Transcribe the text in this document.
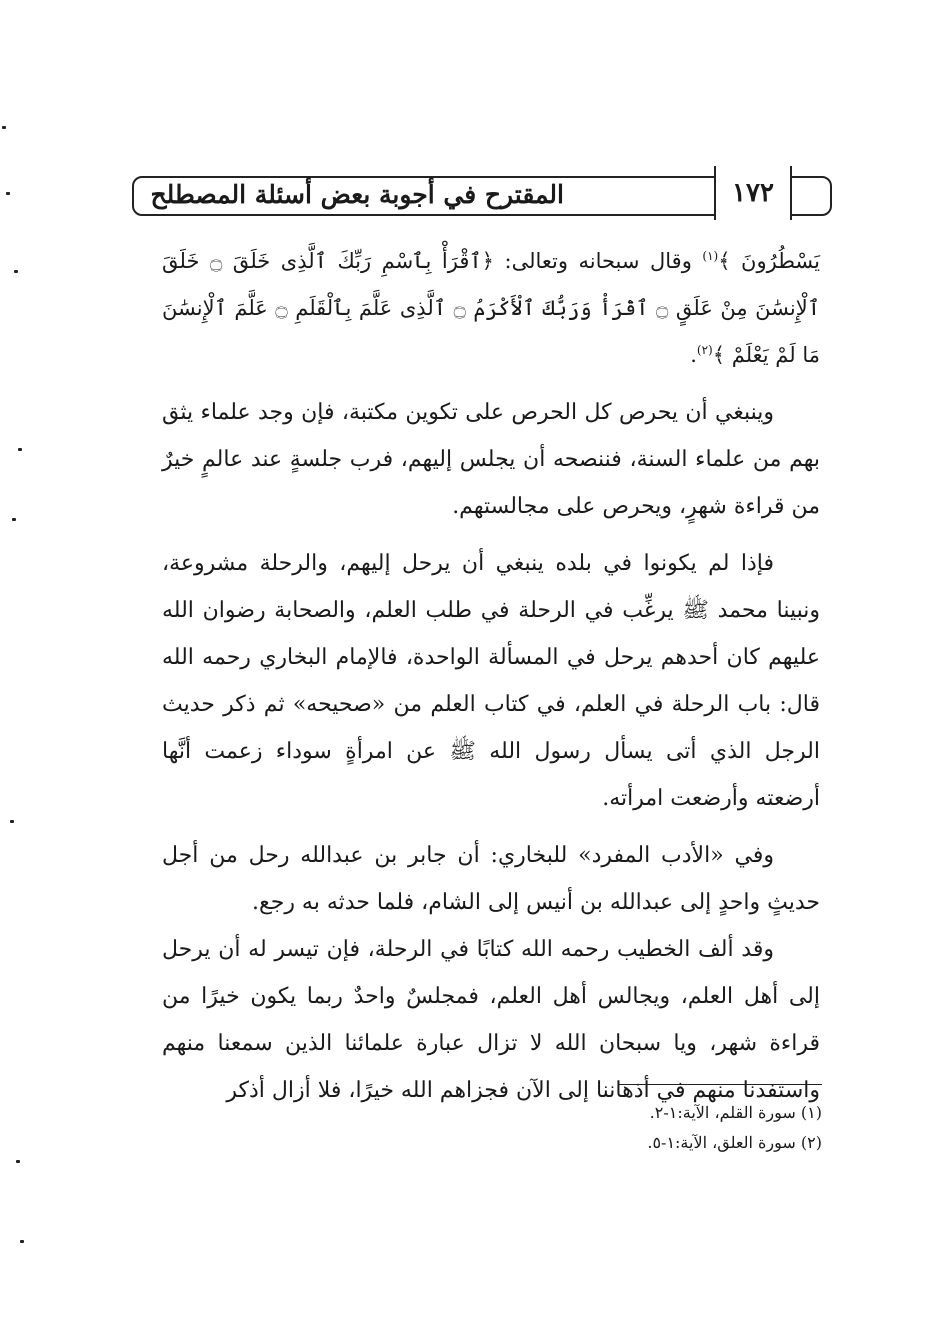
المقترح في أجوبة بعض أسئلة المصطلح	١٧٢

يَسْطُرُونَ ﴾$^{(١)}$ وقال سبحانه وتعالى: ﴿ٱقْرَأْ بِٱسْمِ رَبِّكَ ٱلَّذِى خَلَقَ ۝ خَلَقَ ٱلْإِنسَٰنَ مِنْ عَلَقٍ ۝ ٱقْرَأْ وَرَبُّكَ ٱلْأَكْرَمُ ۝ ٱلَّذِى عَلَّمَ بِٱلْقَلَمِ ۝ عَلَّمَ ٱلْإِنسَٰنَ مَا لَمْ يَعْلَمْ ﴾$^{(٢)}$.

وينبغي أن يحرص كل الحرص على تكوين مكتبة، فإن وجد علماء يثق بهم من علماء السنة، فننصحه أن يجلس إليهم، فرب جلسةٍ عند عالمٍ خيرٌ من قراءة شهرٍ، ويحرص على مجالستهم.

فإذا لم يكونوا في بلده ينبغي أن يرحل إليهم، والرحلة مشروعة، ونبينا محمد ﷺ يرغِّب في الرحلة في طلب العلم، والصحابة رضوان الله عليهم كان أحدهم يرحل في المسألة الواحدة، فالإمام البخاري رحمه الله قال: باب الرحلة في العلم، في كتاب العلم من «صحيحه» ثم ذكر حديث الرجل الذي أتى يسأل رسول الله ﷺ عن امرأةٍ سوداء زعمت أنَّها أرضعته وأرضعت امرأته.

وفي «الأدب المفرد» للبخاري: أن جابر بن عبدالله رحل من أجل حديثٍ واحدٍ إلى عبدالله بن أنيس إلى الشام، فلما حدثه به رجع.

وقد ألف الخطيب رحمه الله كتابًا في الرحلة، فإن تيسر له أن يرحل إلى أهل العلم، ويجالس أهل العلم، فمجلسٌ واحدٌ ربما يكون خيرًا من قراءة شهر، ويا سبحان الله لا تزال عبارة علمائنا الذين سمعنا منهم واستفدنا منهم في أذهاننا إلى الآن فجزاهم الله خيرًا، فلا أزال أذكر

(١) سورة القلم، الآية:١-٢.

(٢) سورة العلق، الآية:١-٥.
